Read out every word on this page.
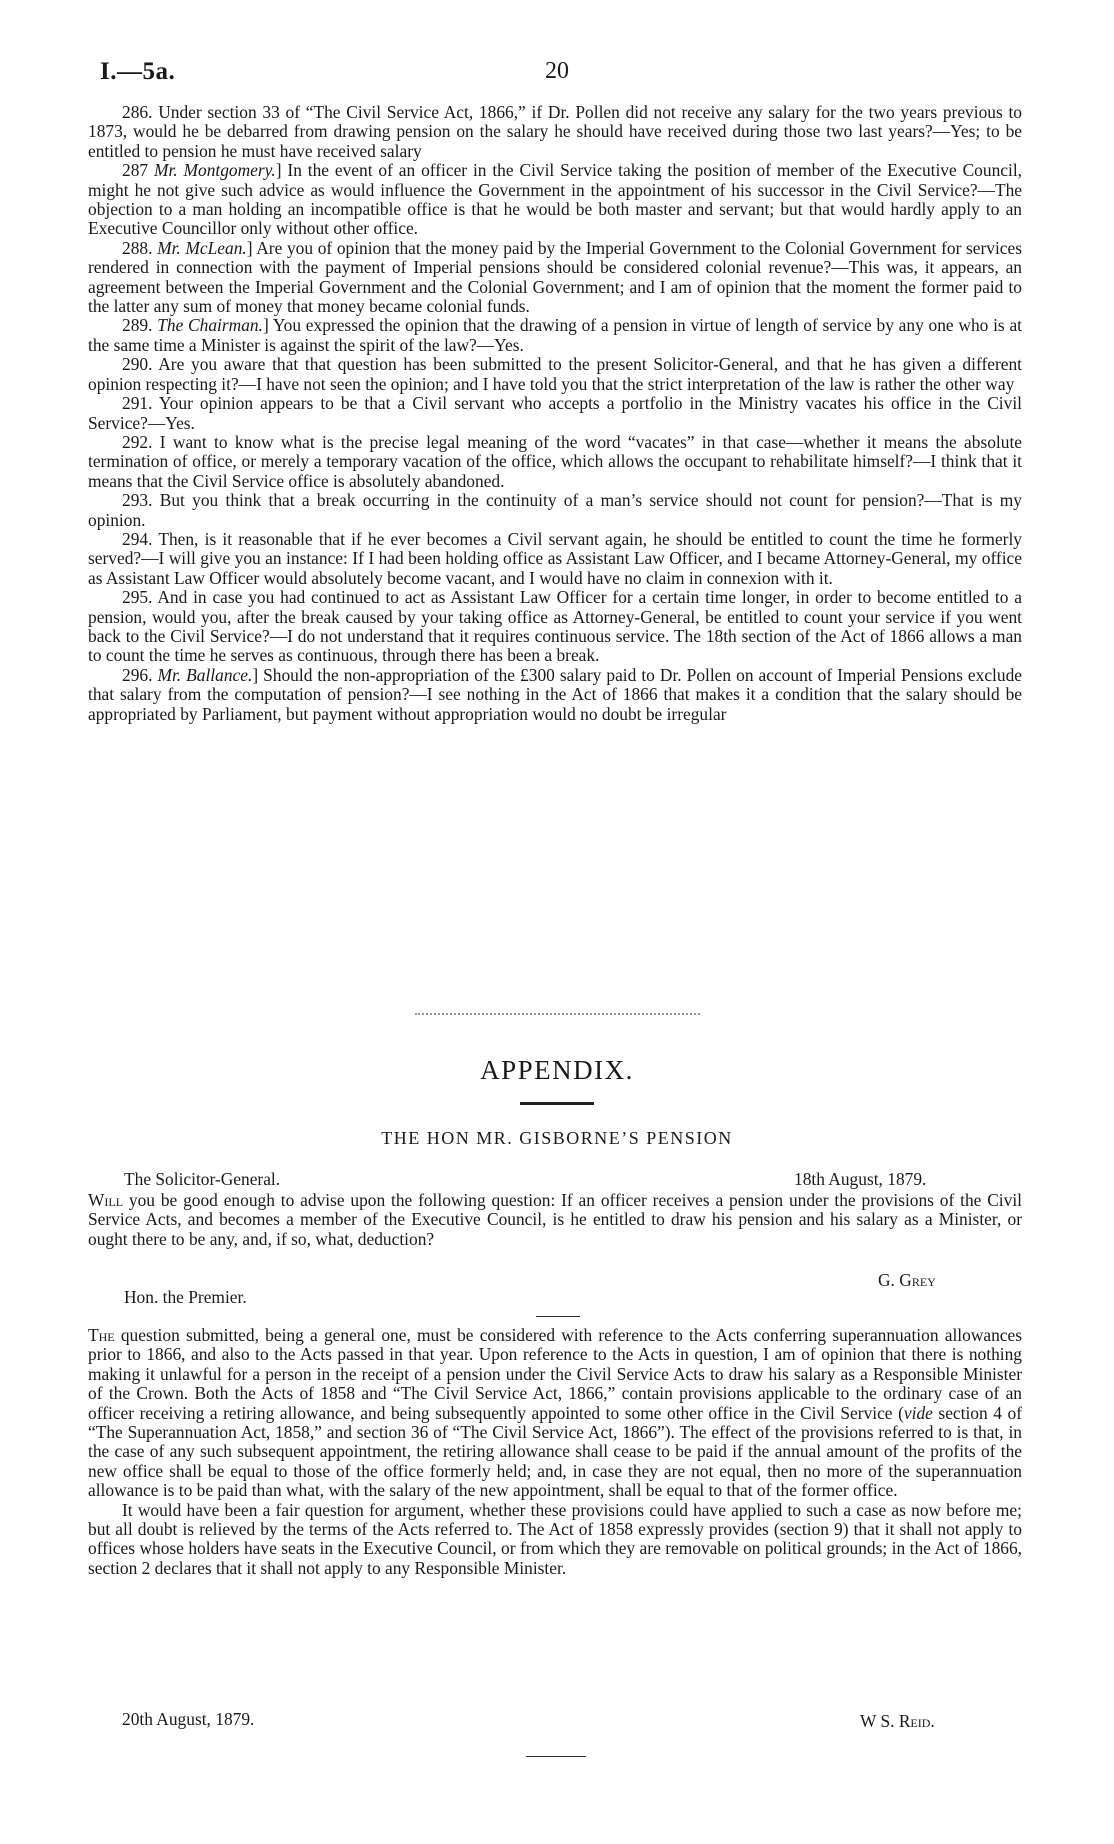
I.—5a.	20

286. Under section 33 of “The Civil Service Act, 1866,” if Dr. Pollen did not receive any salary for the two years previous to 1873, would he be debarred from drawing pension on the salary he should have received during those two last years?—Yes; to be entitled to pension he must have received salary

287 Mr. Montgomery.] In the event of an officer in the Civil Service taking the position of member of the Executive Council, might he not give such advice as would influence the Government in the appointment of his successor in the Civil Service?—The objection to a man holding an incompatible office is that he would be both master and servant; but that would hardly apply to an Executive Councillor only without other office.

288. Mr. McLean.] Are you of opinion that the money paid by the Imperial Government to the Colonial Government for services rendered in connection with the payment of Imperial pensions should be considered colonial revenue?—This was, it appears, an agreement between the Imperial Government and the Colonial Government; and I am of opinion that the moment the former paid to the latter any sum of money that money became colonial funds.

289. The Chairman.] You expressed the opinion that the drawing of a pension in virtue of length of service by any one who is at the same time a Minister is against the spirit of the law?—Yes.

290. Are you aware that that question has been submitted to the present Solicitor-General, and that he has given a different opinion respecting it?—I have not seen the opinion; and I have told you that the strict interpretation of the law is rather the other way

291. Your opinion appears to be that a Civil servant who accepts a portfolio in the Ministry vacates his office in the Civil Service?—Yes.

292. I want to know what is the precise legal meaning of the word “vacates” in that case—whether it means the absolute termination of office, or merely a temporary vacation of the office, which allows the occupant to rehabilitate himself?—I think that it means that the Civil Service office is absolutely abandoned.

293. But you think that a break occurring in the continuity of a man’s service should not count for pension?—That is my opinion.

294. Then, is it reasonable that if he ever becomes a Civil servant again, he should be entitled to count the time he formerly served?—I will give you an instance: If I had been holding office as Assistant Law Officer, and I became Attorney-General, my office as Assistant Law Officer would absolutely become vacant, and I would have no claim in connexion with it.

295. And in case you had continued to act as Assistant Law Officer for a certain time longer, in order to become entitled to a pension, would you, after the break caused by your taking office as Attorney-General, be entitled to count your service if you went back to the Civil Service?—I do not understand that it requires continuous service. The 18th section of the Act of 1866 allows a man to count the time he serves as continuous, through there has been a break.

296. Mr. Ballance.] Should the non-appropriation of the £300 salary paid to Dr. Pollen on account of Imperial Pensions exclude that salary from the computation of pension?—I see nothing in the Act of 1866 that makes it a condition that the salary should be appropriated by Parliament, but payment without appropriation would no doubt be irregular

APPENDIX.
THE HON MR. GISBORNE’S PENSION
The Solicitor-General.	18th August, 1879.

Will you be good enough to advise upon the following question: If an officer receives a pension under the provisions of the Civil Service Acts, and becomes a member of the Executive Council, is he entitled to draw his pension and his salary as a Minister, or ought there to be any, and, if so, what, deduction?

G. Grey
Hon. the Premier.

The question submitted, being a general one, must be considered with reference to the Acts conferring superannuation allowances prior to 1866, and also to the Acts passed in that year. Upon reference to the Acts in question, I am of opinion that there is nothing making it unlawful for a person in the receipt of a pension under the Civil Service Acts to draw his salary as a Responsible Minister of the Crown. Both the Acts of 1858 and “The Civil Service Act, 1866,” contain provisions applicable to the ordinary case of an officer receiving a retiring allowance, and being subsequently appointed to some other office in the Civil Service (vide section 4 of “The Superannuation Act, 1858,” and section 36 of “The Civil Service Act, 1866”). The effect of the provisions referred to is that, in the case of any such subsequent appointment, the retiring allowance shall cease to be paid if the annual amount of the profits of the new office shall be equal to those of the office formerly held; and, in case they are not equal, then no more of the superannuation allowance is to be paid than what, with the salary of the new appointment, shall be equal to that of the former office.

It would have been a fair question for argument, whether these provisions could have applied to such a case as now before me; but all doubt is relieved by the terms of the Acts referred to. The Act of 1858 expressly provides (section 9) that it shall not apply to offices whose holders have seats in the Executive Council, or from which they are removable on political grounds; in the Act of 1866, section 2 declares that it shall not apply to any Responsible Minister.

20th August, 1879.	W S. Reid.
